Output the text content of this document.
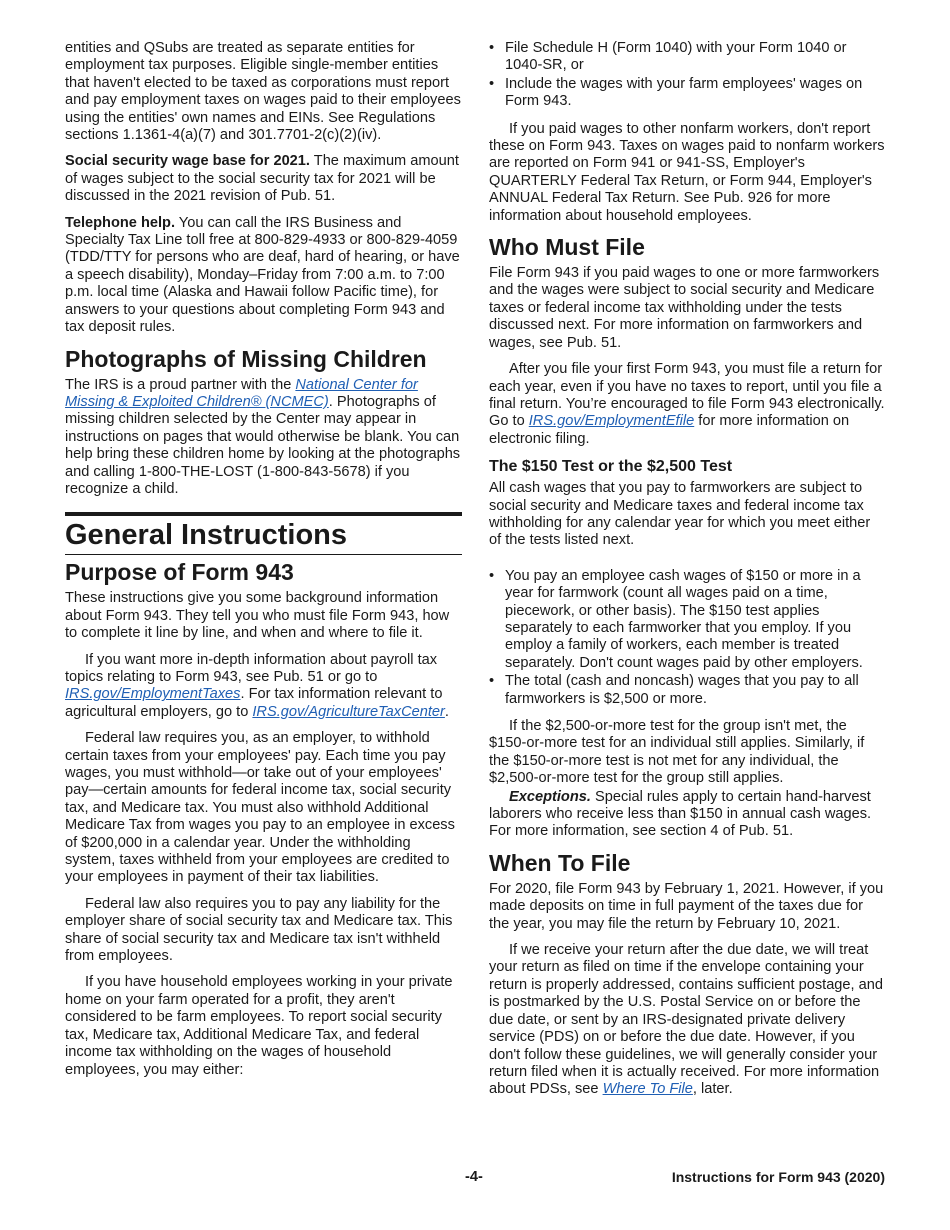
entities and QSubs are treated as separate entities for employment tax purposes. Eligible single-member entities that haven't elected to be taxed as corporations must report and pay employment taxes on wages paid to their employees using the entities' own names and EINs. See Regulations sections 1.1361-4(a)(7) and 301.7701-2(c)(2)(iv).

Social security wage base for 2021. The maximum amount of wages subject to the social security tax for 2021 will be discussed in the 2021 revision of Pub. 51.

Telephone help. You can call the IRS Business and Specialty Tax Line toll free at 800-829-4933 or 800-829-4059 (TDD/TTY for persons who are deaf, hard of hearing, or have a speech disability), Monday–Friday from 7:00 a.m. to 7:00 p.m. local time (Alaska and Hawaii follow Pacific time), for answers to your questions about completing Form 943 and tax deposit rules.

Photographs of Missing Children

The IRS is a proud partner with the National Center for Missing & Exploited Children® (NCMEC). Photographs of missing children selected by the Center may appear in instructions on pages that would otherwise be blank. You can help bring these children home by looking at the photographs and calling 1-800-THE-LOST (1-800-843-5678) if you recognize a child.

General Instructions
Purpose of Form 943

These instructions give you some background information about Form 943. They tell you who must file Form 943, how to complete it line by line, and when and where to file it.

If you want more in-depth information about payroll tax topics relating to Form 943, see Pub. 51 or go to IRS.gov/EmploymentTaxes. For tax information relevant to agricultural employers, go to IRS.gov/AgricultureTaxCenter.

Federal law requires you, as an employer, to withhold certain taxes from your employees' pay. Each time you pay wages, you must withhold—or take out of your employees' pay—certain amounts for federal income tax, social security tax, and Medicare tax. You must also withhold Additional Medicare Tax from wages you pay to an employee in excess of $200,000 in a calendar year. Under the withholding system, taxes withheld from your employees are credited to your employees in payment of their tax liabilities.

Federal law also requires you to pay any liability for the employer share of social security tax and Medicare tax. This share of social security tax and Medicare tax isn't withheld from employees.

If you have household employees working in your private home on your farm operated for a profit, they aren't considered to be farm employees. To report social security tax, Medicare tax, Additional Medicare Tax, and federal income tax withholding on the wages of household employees, you may either:

• File Schedule H (Form 1040) with your Form 1040 or 1040-SR, or
• Include the wages with your farm employees' wages on Form 943.

If you paid wages to other nonfarm workers, don't report these on Form 943. Taxes on wages paid to nonfarm workers are reported on Form 941 or 941-SS, Employer's QUARTERLY Federal Tax Return, or Form 944, Employer's ANNUAL Federal Tax Return. See Pub. 926 for more information about household employees.

Who Must File

File Form 943 if you paid wages to one or more farmworkers and the wages were subject to social security and Medicare taxes or federal income tax withholding under the tests discussed next. For more information on farmworkers and wages, see Pub. 51.

After you file your first Form 943, you must file a return for each year, even if you have no taxes to report, until you file a final return. You’re encouraged to file Form 943 electronically. Go to IRS.gov/EmploymentEfile for more information on electronic filing.

The $150 Test or the $2,500 Test

All cash wages that you pay to farmworkers are subject to social security and Medicare taxes and federal income tax withholding for any calendar year for which you meet either of the tests listed next.

• You pay an employee cash wages of $150 or more in a year for farmwork (count all wages paid on a time, piecework, or other basis). The $150 test applies separately to each farmworker that you employ. If you employ a family of workers, each member is treated separately. Don't count wages paid by other employers.
• The total (cash and noncash) wages that you pay to all farmworkers is $2,500 or more.

If the $2,500-or-more test for the group isn't met, the $150-or-more test for an individual still applies. Similarly, if the $150-or-more test is not met for any individual, the $2,500-or-more test for the group still applies.

Exceptions. Special rules apply to certain hand-harvest laborers who receive less than $150 in annual cash wages. For more information, see section 4 of Pub. 51.

When To File

For 2020, file Form 943 by February 1, 2021. However, if you made deposits on time in full payment of the taxes due for the year, you may file the return by February 10, 2021.

If we receive your return after the due date, we will treat your return as filed on time if the envelope containing your return is properly addressed, contains sufficient postage, and is postmarked by the U.S. Postal Service on or before the due date, or sent by an IRS-designated private delivery service (PDS) on or before the due date. However, if you don't follow these guidelines, we will generally consider your return filed when it is actually received. For more information about PDSs, see Where To File, later.

-4-	Instructions for Form 943 (2020)
